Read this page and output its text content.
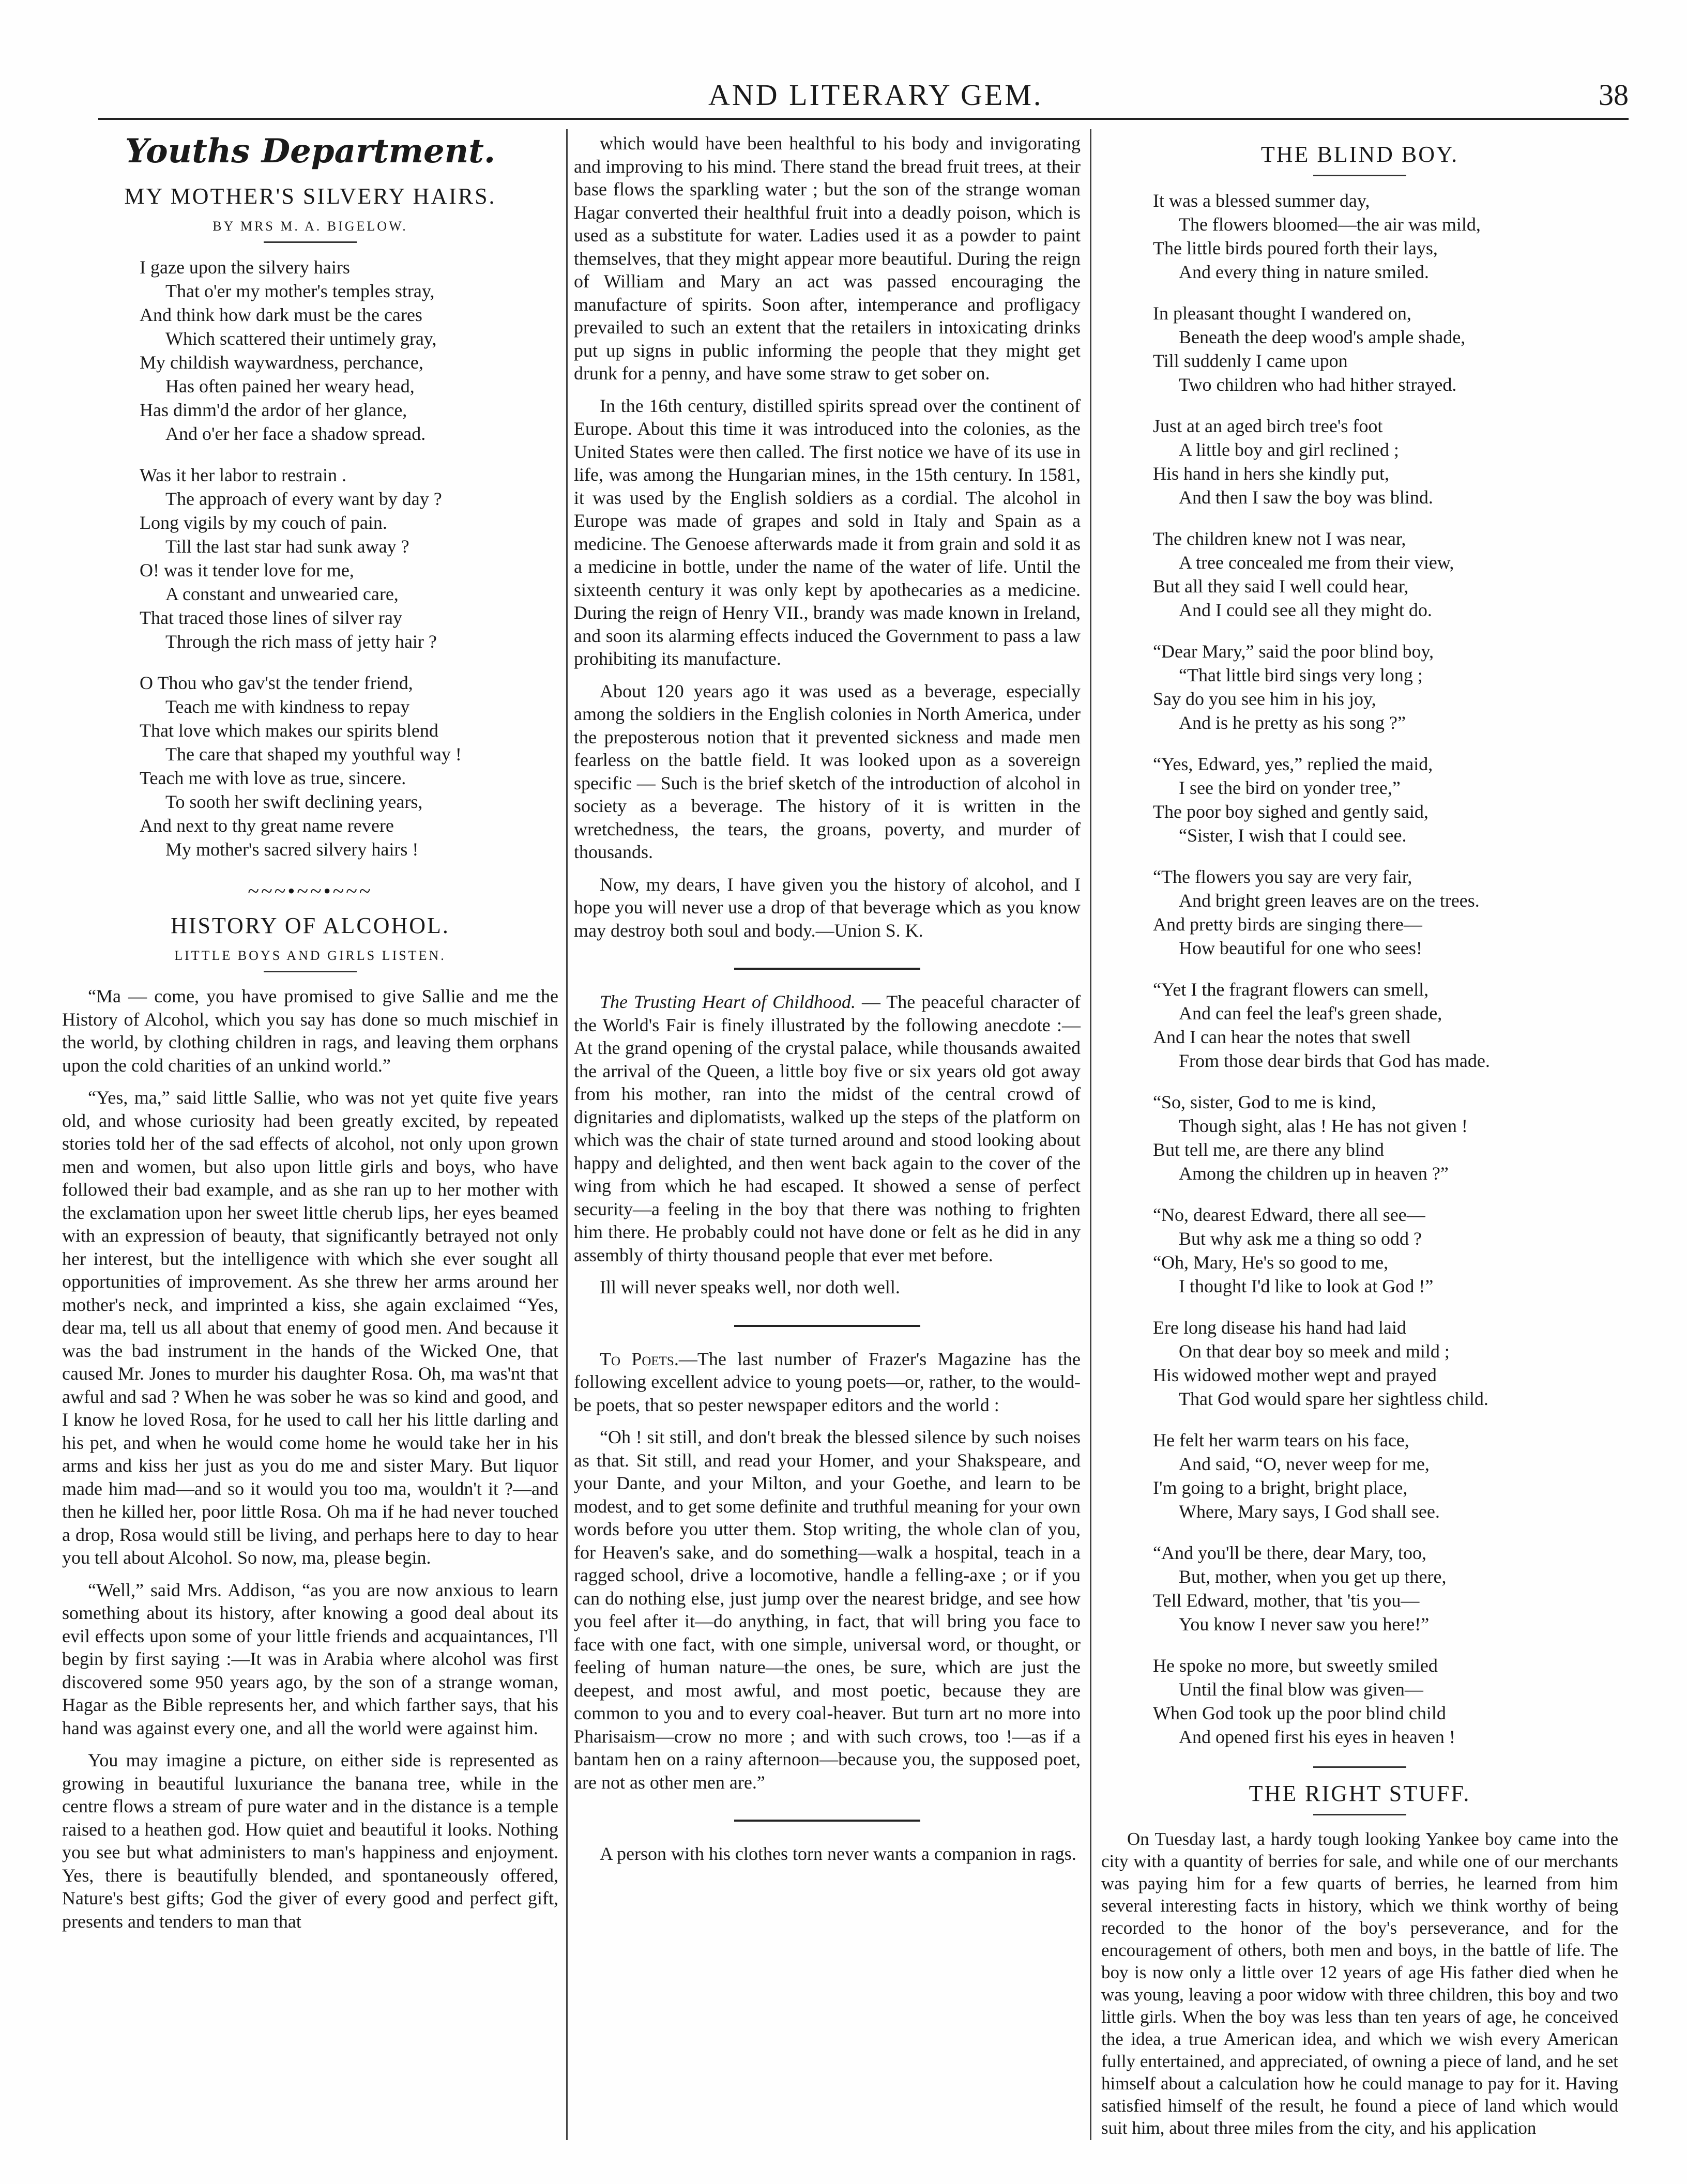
AND LITERARY GEM.	38
Youths Department.
MY MOTHER'S SILVERY HAIRS.
BY MRS M. A. BIGELOW.
I gaze upon the silvery hairs
That o'er my mother's temples stray,
And think how dark must be the cares
Which scattered their untimely gray,
My childish waywardness, perchance,
Has often pained her weary head,
Has dimm'd the ardor of her glance,
And o'er her face a shadow spread.
Was it her labor to restrain .
The approach of every want by day ?
Long vigils by my couch of pain.
Till the last star had sunk away ?
O! was it tender love for me,
A constant and unwearied care,
That traced those lines of silver ray
Through the rich mass of jetty hair ?
O Thou who gav'st the tender friend,
Teach me with kindness to repay
That love which makes our spirits blend
The care that shaped my youthful way !
Teach me with love as true, sincere.
To sooth her swift declining years,
And next to thy great name revere
My mother's sacred silvery hairs !
~~~•~~•~~~
HISTORY OF ALCOHOL.
LITTLE BOYS AND GIRLS LISTEN.

“Ma — come, you have promised to give Sallie and me the History of Alcohol, which you say has done so much mischief in the world, by clothing children in rags, and leaving them orphans upon the cold charities of an unkind world.”

“Yes, ma,” said little Sallie, who was not yet quite five years old, and whose curiosity had been greatly excited, by repeated stories told her of the sad effects of alcohol, not only upon grown men and women, but also upon little girls and boys, who have followed their bad example, and as she ran up to her mother with the exclamation upon her sweet little cherub lips, her eyes beamed with an expression of beauty, that significantly betrayed not only her interest, but the intelligence with which she ever sought all opportunities of improvement. As she threw her arms around her mother's neck, and imprinted a kiss, she again exclaimed “Yes, dear ma, tell us all about that enemy of good men. And because it was the bad instrument in the hands of the Wicked One, that caused Mr. Jones to murder his daughter Rosa. Oh, ma was'nt that awful and sad ? When he was sober he was so kind and good, and I know he loved Rosa, for he used to call her his little darling and his pet, and when he would come home he would take her in his arms and kiss her just as you do me and sister Mary. But liquor made him mad—and so it would you too ma, wouldn't it ?—and then he killed her, poor little Rosa. Oh ma if he had never touched a drop, Rosa would still be living, and perhaps here to day to hear you tell about Alcohol. So now, ma, please begin.

“Well,” said Mrs. Addison, “as you are now anxious to learn something about its history, after knowing a good deal about its evil effects upon some of your little friends and acquaintances, I'll begin by first saying :—It was in Arabia where alcohol was first discovered some 950 years ago, by the son of a strange woman, Hagar as the Bible represents her, and which farther says, that his hand was against every one, and all the world were against him.

You may imagine a picture, on either side is represented as growing in beautiful luxuriance the banana tree, while in the centre flows a stream of pure water and in the distance is a temple raised to a heathen god. How quiet and beautiful it looks. Nothing you see but what administers to man's happiness and enjoyment. Yes, there is beautifully blended, and spontaneously offered, Nature's best gifts; God the giver of every good and perfect gift, presents and tenders to man that

which would have been healthful to his body and invigorating and improving to his mind. There stand the bread fruit trees, at their base flows the sparkling water ; but the son of the strange woman Hagar converted their healthful fruit into a deadly poison, which is used as a substitute for water. Ladies used it as a powder to paint themselves, that they might appear more beautiful. During the reign of William and Mary an act was passed encouraging the manufacture of spirits. Soon after, intemperance and profligacy prevailed to such an extent that the retailers in intoxicating drinks put up signs in public informing the people that they might get drunk for a penny, and have some straw to get sober on.

In the 16th century, distilled spirits spread over the continent of Europe. About this time it was introduced into the colonies, as the United States were then called. The first notice we have of its use in life, was among the Hungarian mines, in the 15th century. In 1581, it was used by the English soldiers as a cordial. The alcohol in Europe was made of grapes and sold in Italy and Spain as a medicine. The Genoese afterwards made it from grain and sold it as a medicine in bottle, under the name of the water of life. Until the sixteenth century it was only kept by apothecaries as a medicine. During the reign of Henry VII., brandy was made known in Ireland, and soon its alarming effects induced the Government to pass a law prohibiting its manufacture.

About 120 years ago it was used as a beverage, especially among the soldiers in the English colonies in North America, under the preposterous notion that it prevented sickness and made men fearless on the battle field. It was looked upon as a sovereign specific — Such is the brief sketch of the introduction of alcohol in society as a beverage. The history of it is written in the wretchedness, the tears, the groans, poverty, and murder of thousands.

Now, my dears, I have given you the history of alcohol, and I hope you will never use a drop of that beverage which as you know may destroy both soul and body.—Union S. K.

The Trusting Heart of Childhood. — The peaceful character of the World's Fair is finely illustrated by the following anecdote :—At the grand opening of the crystal palace, while thousands awaited the arrival of the Queen, a little boy five or six years old got away from his mother, ran into the midst of the central crowd of dignitaries and diplomatists, walked up the steps of the platform on which was the chair of state turned around and stood looking about happy and delighted, and then went back again to the cover of the wing from which he had escaped. It showed a sense of perfect security—a feeling in the boy that there was nothing to frighten him there. He probably could not have done or felt as he did in any assembly of thirty thousand people that ever met before.

Ill will never speaks well, nor doth well.

To Poets.—The last number of Frazer's Magazine has the following excellent advice to young poets—or, rather, to the would-be poets, that so pester newspaper editors and the world :

“Oh ! sit still, and don't break the blessed silence by such noises as that. Sit still, and read your Homer, and your Shakspeare, and your Dante, and your Milton, and your Goethe, and learn to be modest, and to get some definite and truthful meaning for your own words before you utter them. Stop writing, the whole clan of you, for Heaven's sake, and do something—walk a hospital, teach in a ragged school, drive a locomotive, handle a felling-axe ; or if you can do nothing else, just jump over the nearest bridge, and see how you feel after it—do anything, in fact, that will bring you face to face with one fact, with one simple, universal word, or thought, or feeling of human nature—the ones, be sure, which are just the deepest, and most awful, and most poetic, because they are common to you and to every coal-heaver. But turn art no more into Pharisaism—crow no more ; and with such crows, too !—as if a bantam hen on a rainy afternoon—because you, the supposed poet, are not as other men are.”

A person with his clothes torn never wants a companion in rags.

THE BLIND BOY.
It was a blessed summer day,
The flowers bloomed—the air was mild,
The little birds poured forth their lays,
And every thing in nature smiled.
In pleasant thought I wandered on,
Beneath the deep wood's ample shade,
Till suddenly I came upon
Two children who had hither strayed.
Just at an aged birch tree's foot
A little boy and girl reclined ;
His hand in hers she kindly put,
And then I saw the boy was blind.
The children knew not I was near,
A tree concealed me from their view,
But all they said I well could hear,
And I could see all they might do.
“Dear Mary,” said the poor blind boy,
“That little bird sings very long ;
Say do you see him in his joy,
And is he pretty as his song ?”
“Yes, Edward, yes,” replied the maid,
I see the bird on yonder tree,”
The poor boy sighed and gently said,
“Sister, I wish that I could see.
“The flowers you say are very fair,
And bright green leaves are on the trees.
And pretty birds are singing there—
How beautiful for one who sees!
“Yet I the fragrant flowers can smell,
And can feel the leaf's green shade,
And I can hear the notes that swell
From those dear birds that God has made.
“So, sister, God to me is kind,
Though sight, alas ! He has not given !
But tell me, are there any blind
Among the children up in heaven ?”
“No, dearest Edward, there all see—
But why ask me a thing so odd ?
“Oh, Mary, He's so good to me,
I thought I'd like to look at God !”
Ere long disease his hand had laid
On that dear boy so meek and mild ;
His widowed mother wept and prayed
That God would spare her sightless child.
He felt her warm tears on his face,
And said, “O, never weep for me,
I'm going to a bright, bright place,
Where, Mary says, I God shall see.
“And you'll be there, dear Mary, too,
But, mother, when you get up there,
Tell Edward, mother, that 'tis you—
You know I never saw you here!”
He spoke no more, but sweetly smiled
Until the final blow was given—
When God took up the poor blind child
And opened first his eyes in heaven !
THE RIGHT STUFF.

On Tuesday last, a hardy tough looking Yankee boy came into the city with a quantity of berries for sale, and while one of our merchants was paying him for a few quarts of berries, he learned from him several interesting facts in history, which we think worthy of being recorded to the honor of the boy's perseverance, and for the encouragement of others, both men and boys, in the battle of life. The boy is now only a little over 12 years of age His father died when he was young, leaving a poor widow with three children, this boy and two little girls. When the boy was less than ten years of age, he conceived the idea, a true American idea, and which we wish every American fully entertained, and appreciated, of owning a piece of land, and he set himself about a calculation how he could manage to pay for it. Having satisfied himself of the result, he found a piece of land which would suit him, about three miles from the city, and his application
